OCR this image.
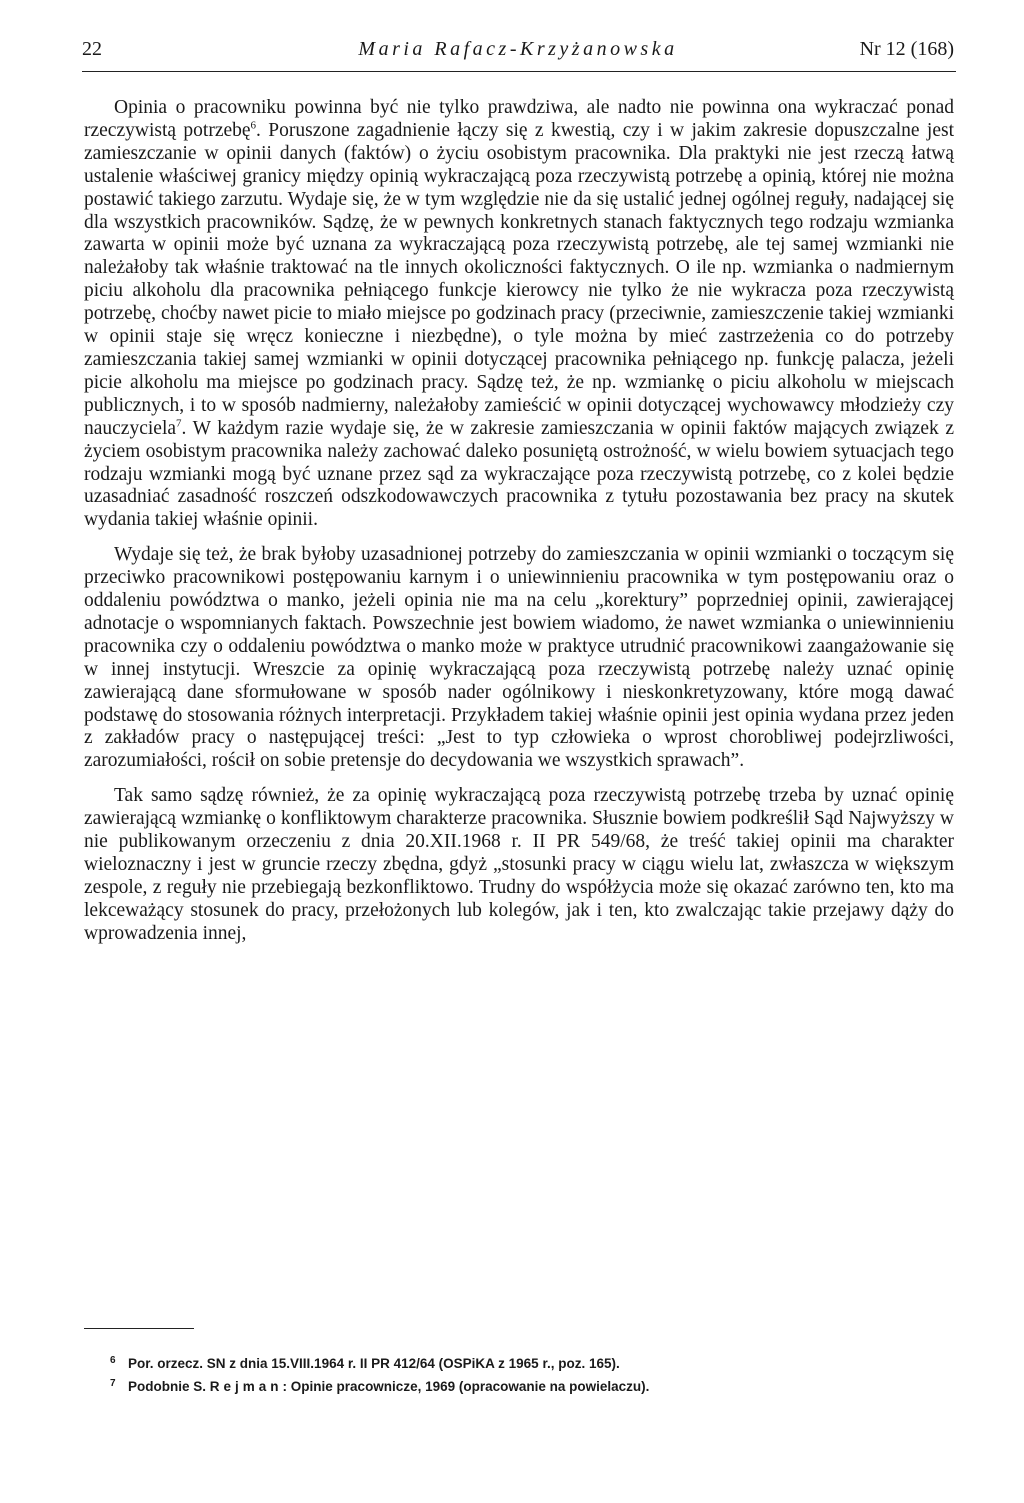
22	Maria Rafacz-Krzyżanowska	Nr 12 (168)

Opinia o pracowniku powinna być nie tylko prawdziwa, ale nadto nie powinna ona wykraczać ponad rzeczywistą potrzebę$^6$. Poruszone zagadnienie łączy się z kwestią, czy i w jakim zakresie dopuszczalne jest zamieszczanie w opinii danych (faktów) o życiu osobistym pracownika. Dla praktyki nie jest rzeczą łatwą ustalenie właściwej granicy między opinią wykraczającą poza rzeczywistą potrzebę a opinią, której nie można postawić takiego zarzutu. Wydaje się, że w tym względzie nie da się ustalić jednej ogólnej reguły, nadającej się dla wszystkich pracowników. Sądzę, że w pewnych konkretnych stanach faktycznych tego rodzaju wzmianka zawarta w opinii może być uznana za wykraczającą poza rzeczywistą potrzebę, ale tej samej wzmianki nie należałoby tak właśnie traktować na tle innych okoliczności faktycznych. O ile np. wzmianka o nadmiernym piciu alkoholu dla pracownika pełniącego funkcje kierowcy nie tylko że nie wykracza poza rzeczywistą potrzebę, choćby nawet picie to miało miejsce po godzinach pracy (przeciwnie, zamieszczenie takiej wzmianki w opinii staje się wręcz konieczne i niezbędne), o tyle można by mieć zastrzeżenia co do potrzeby zamieszczania takiej samej wzmianki w opinii dotyczącej pracownika pełniącego np. funkcję palacza, jeżeli picie alkoholu ma miejsce po godzinach pracy. Sądzę też, że np. wzmiankę o piciu alkoholu w miejscach publicznych, i to w sposób nadmierny, należałoby zamieścić w opinii dotyczącej wychowawcy młodzieży czy nauczyciela$^7$. W każdym razie wydaje się, że w zakresie zamieszczania w opinii faktów mających związek z życiem osobistym pracownika należy zachować daleko posuniętą ostrożność, w wielu bowiem sytuacjach tego rodzaju wzmianki mogą być uznane przez sąd za wykraczające poza rzeczywistą potrzebę, co z kolei będzie uzasadniać zasadność roszczeń odszkodowawczych pracownika z tytułu pozostawania bez pracy na skutek wydania takiej właśnie opinii.

Wydaje się też, że brak byłoby uzasadnionej potrzeby do zamieszczania w opinii wzmianki o toczącym się przeciwko pracownikowi postępowaniu karnym i o uniewinnieniu pracownika w tym postępowaniu oraz o oddaleniu powództwa o manko, jeżeli opinia nie ma na celu „korektury” poprzedniej opinii, zawierającej adnotacje o wspomnianych faktach. Powszechnie jest bowiem wiadomo, że nawet wzmianka o uniewinnieniu pracownika czy o oddaleniu powództwa o manko może w praktyce utrudnić pracownikowi zaangażowanie się w innej instytucji. Wreszcie za opinię wykraczającą poza rzeczywistą potrzebę należy uznać opinię zawierającą dane sformułowane w sposób nader ogólnikowy i nieskonkretyzowany, które mogą dawać podstawę do stosowania różnych interpretacji. Przykładem takiej właśnie opinii jest opinia wydana przez jeden z zakładów pracy o następującej treści: „Jest to typ człowieka o wprost chorobliwej podejrzliwości, zarozumiałości, rościł on sobie pretensje do decydowania we wszystkich sprawach”.

Tak samo sądzę również, że za opinię wykraczającą poza rzeczywistą potrzebę trzeba by uznać opinię zawierającą wzmiankę o konfliktowym charakterze pracownika. Słusznie bowiem podkreślił Sąd Najwyższy w nie publikowanym orzeczeniu z dnia 20.XII.1968 r. II PR 549/68, że treść takiej opinii ma charakter wieloznaczny i jest w gruncie rzeczy zbędna, gdyż „stosunki pracy w ciągu wielu lat, zwłaszcza w większym zespole, z reguły nie przebiegają bezkonfliktowo. Trudny do współżycia może się okazać zarówno ten, kto ma lekceważący stosunek do pracy, przełożonych lub kolegów, jak i ten, kto zwalczając takie przejawy dąży do wprowadzenia innej,

6 Por. orzecz. SN z dnia 15.VIII.1964 r. II PR 412/64 (OSPiKA z 1965 r., poz. 165).

7 Podobnie S. Rejman: Opinie pracownicze, 1969 (opracowanie na powielaczu).
